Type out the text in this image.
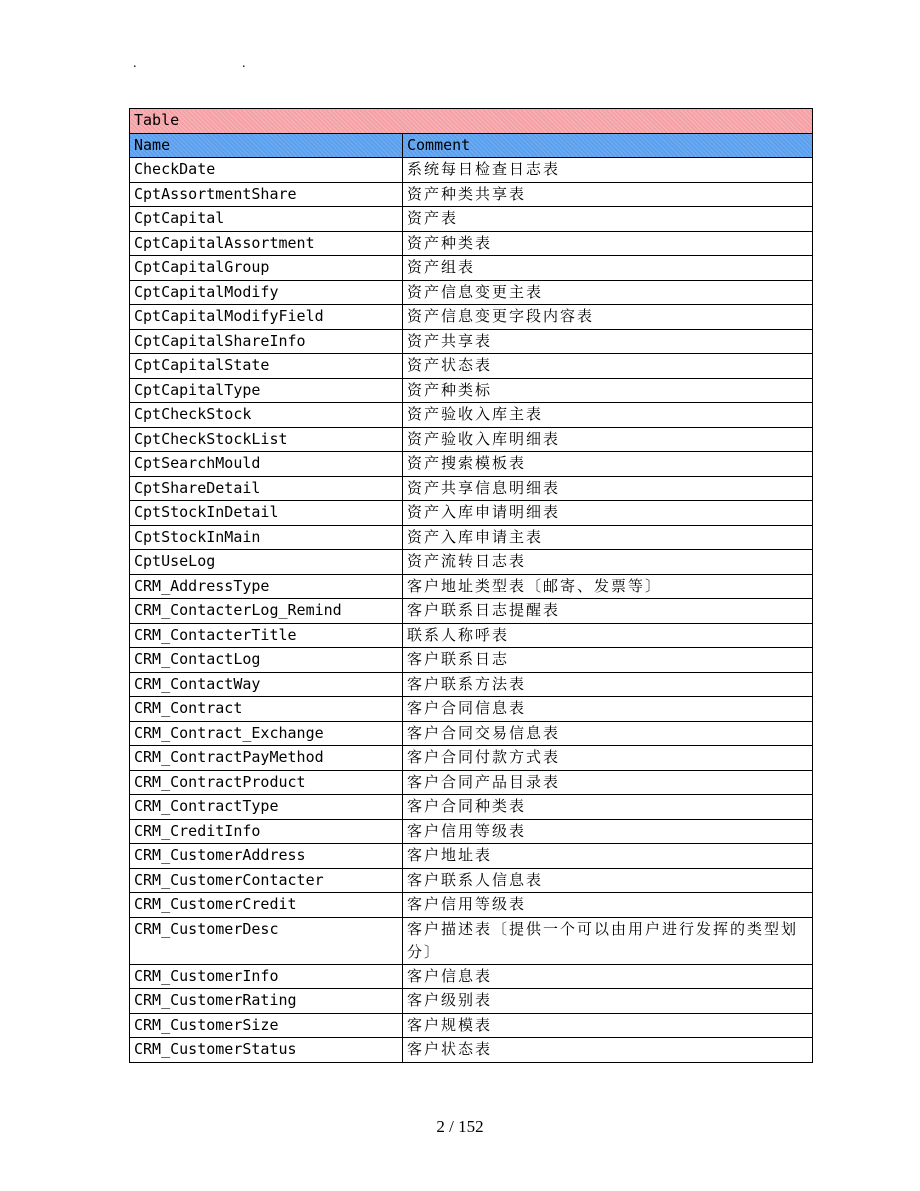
.	.
Table	
Name	Comment
CheckDate	系统每日检查日志表
CptAssortmentShare	资产种类共享表
CptCapital	资产表
CptCapitalAssortment	资产种类表
CptCapitalGroup	资产组表
CptCapitalModify	资产信息变更主表
CptCapitalModifyField	资产信息变更字段内容表
CptCapitalShareInfo	资产共享表
CptCapitalState	资产状态表
CptCapitalType	资产种类标
CptCheckStock	资产验收入库主表
CptCheckStockList	资产验收入库明细表
CptSearchMould	资产搜索模板表
CptShareDetail	资产共享信息明细表
CptStockInDetail	资产入库申请明细表
CptStockInMain	资产入库申请主表
CptUseLog	资产流转日志表
CRM_AddressType	客户地址类型表〔邮寄、发票等〕
CRM_ContacterLog_Remind	客户联系日志提醒表
CRM_ContacterTitle	联系人称呼表
CRM_ContactLog	客户联系日志
CRM_ContactWay	客户联系方法表
CRM_Contract	客户合同信息表
CRM_Contract_Exchange	客户合同交易信息表
CRM_ContractPayMethod	客户合同付款方式表
CRM_ContractProduct	客户合同产品目录表
CRM_ContractType	客户合同种类表
CRM_CreditInfo	客户信用等级表
CRM_CustomerAddress	客户地址表
CRM_CustomerContacter	客户联系人信息表
CRM_CustomerCredit	客户信用等级表
CRM_CustomerDesc	客户描述表〔提供一个可以由用户进行发挥的类型划分〕
CRM_CustomerInfo	客户信息表
CRM_CustomerRating	客户级别表
CRM_CustomerSize	客户规模表
CRM_CustomerStatus	客户状态表
2 / 152
